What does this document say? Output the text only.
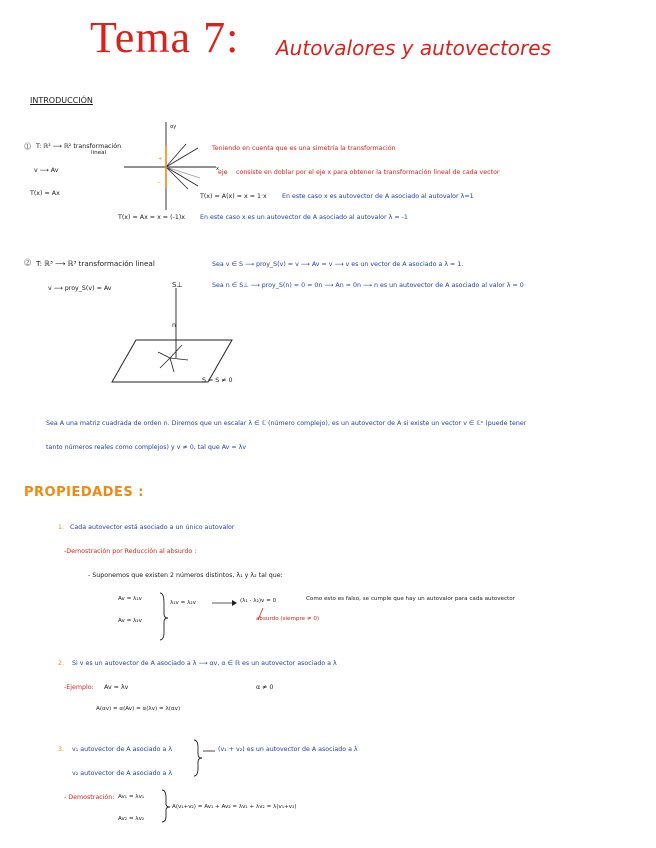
Tema 7: Autovalores y autovectores
INTRODUCCIÓN
αy
x
+
−
⓵ T: ℝ² ⟶ ℝ² transformación
lineal
v ⟶ Av
T(x) = Ax
Teniendo en cuenta que es una simetría la transformación
eje consiste en doblar por el eje x para obtener la transformación lineal de cada vector
T(x) = A(x) = x = 1·x En este caso x es autovector de A asociado al autovalor λ=1
T(x) = Ax = x = (-1)x En este caso x es un autovector de A asociado al autovalor λ = -1
⓶ T: ℝ³ ⟶ ℝ³ transformación lineal
v ⟶ proy_S(v) = Av	S⊥
n
S = S ≠ 0
Sea v ∈ S ⟶ proy_S(v) = v ⟶ Av = v ⟶ v es un vector de A asociado a λ = 1.
Sea n ∈ S⊥ ⟶ proy_S(n) = 0 = 0n ⟶ An = 0n ⟶ n es un autovector de A asociado al valor λ = 0
Sea A una matriz cuadrada de orden n. Diremos que un escalar λ ∈ ℂ (número complejo), es un autovector de A si existe un vector v ∈ ℂⁿ (puede tener
tanto números reales como complejos) y v ≠ 0, tal que Av = λv
PROPIEDADES :
1. Cada autovector está asociado a un único autovalor
-Demostración por Reducción al absurdo :
- Suponemos que existen 2 números distintos, λ₁ y λ₂ tal que:
Av = λ₁v
Av = λ₂v
λ₁v = λ₂v	(λ₁ - λ₂)v = 0
absurdo (siempre ≠ 0)
Como esto es falso, se cumple que hay un autovalor para cada autovector
2. Si v es un autovector de A asociado a λ ⟶ αv, α ∈ ℝ es un autovector asociado a λ
-Ejemplo: Av = λv	α ≠ 0
A(αv) = α(Av) = α(λv) = λ(αv)
3. v₁ autovector de A asociado a λ
v₂ autovector de A asociado a λ
(v₁ + v₂) es un autovector de A asociado a λ
- Demostración: Av₁ = λv₁
Av₂ = λv₂
A(v₁+v₂) = Av₁ + Av₂ = λv₁ + λv₂ = λ(v₁+v₂)
